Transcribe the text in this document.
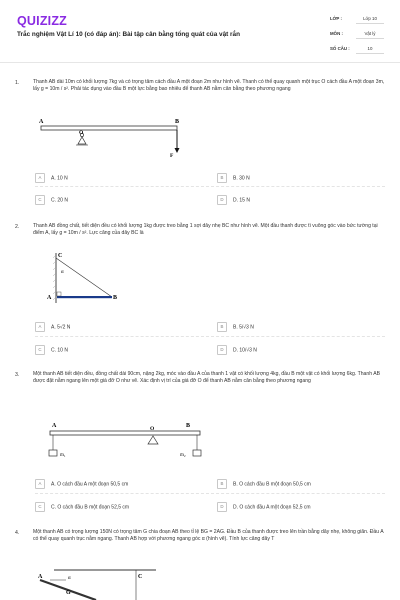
QUIZIZZ
Trắc nghiệm Vật Lí 10 (có đáp án): Bài tập cân bằng tổng quát của vật rắn
LỚP :	Lớp 10
MÔN :	Vật lý
SỐ CÂU :	10
1.	Thanh AB dài 10m có khối lượng 7kg và có trọng tâm cách đầu A một đoạn 2m như hình vẽ. Thanh có thể quay quanh một trục O cách đầu A một đoạn 3m, lấy g = 10m / s². Phải tác dụng vào đầu B một lực bằng bao nhiêu để thanh AB nằm cân bằng theo phương ngang
A	B
O
F
A A. 10 N	B B. 30 N
C C. 20 N	D D. 15 N
2.	Thanh AB đồng chất, tiết diện đều có khối lượng 1kg được treo bằng 1 sợi dây nhẹ BC như hình vẽ. Một đầu thanh được tì vuông góc vào bức tường tại điểm A, lấy g = 10m / s². Lực căng của dây BC là
C
α
A	B
A A. 5√2 N	B B. 5/√3 N
C C. 10 N	D D. 10/√3 N
3.	Một thanh AB tiết diện đều, đồng chất dài 90cm, nặng 2kg, móc vào đầu A của thanh 1 vật có khối lượng 4kg, đầu B một vật có khối lượng 6kg. Thanh AB được đặt nằm ngang lên một giá đỡ O như vẽ. Xác định vị trí của giá đỡ O để thanh AB nằm cân bằng theo phương ngang
A	B
O
m₁	m₂
A A. O cách đầu A một đoạn 50,5 cm	B B. O cách đầu B một đoạn 50,5 cm
C C. O cách đầu B một đoạn 52,5 cm	D D. O cách đầu A một đoạn 52,5 cm
4.	Một thanh AB có trọng lượng 150N có trọng tâm G chia đoạn AB theo tỉ lệ BG = 2AG. Đầu B của thanh được treo lên trần bằng dây nhẹ, không giãn. Đầu A có thể quay quanh trục nằm ngang. Thanh AB hợp với phương ngang góc α (hình vẽ). Tính lực căng dây T
A	α
G
C
